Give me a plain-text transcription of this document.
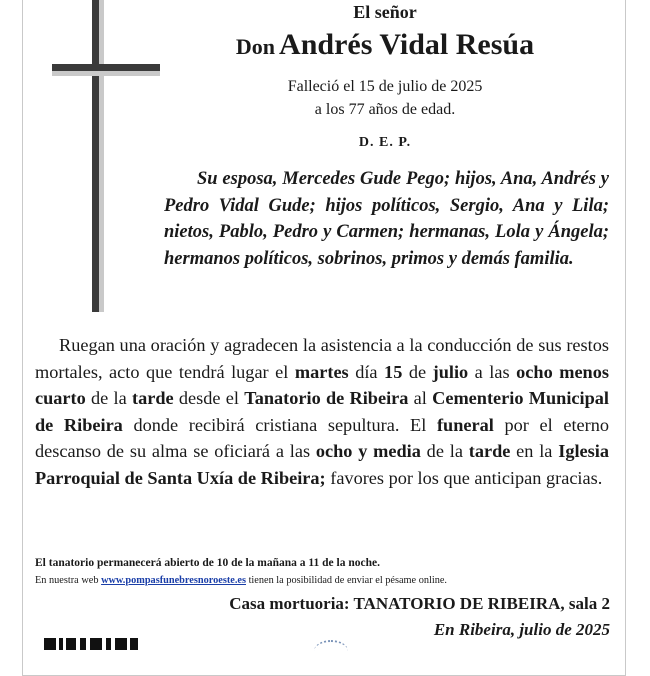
El señor
Don Andrés Vidal Resúa
Falleció el 15 de julio de 2025
a los 77 años de edad.
D. E. P.
Su esposa, Mercedes Gude Pego; hijos, Ana, Andrés y Pedro Vidal Gude; hijos políticos, Sergio, Ana y Lila; nietos, Pablo, Pedro y Carmen; hermanas, Lola y Ángela; hermanos políticos, sobrinos, primos y demás familia.
Ruegan una oración y agradecen la asistencia a la conducción de sus restos mortales, acto que tendrá lugar el martes día 15 de julio a las ocho menos cuarto de la tarde desde el Tanatorio de Ribeira al Cementerio Municipal de Ribeira donde recibirá cristiana sepultura. El funeral por el eterno descanso de su alma se oficiará a las ocho y media de la tarde en la Iglesia Parroquial de Santa Uxía de Ribeira; favores por los que anticipan gracias.
El tanatorio permanecerá abierto de 10 de la mañana a 11 de la noche.
En nuestra web www.pompasfunebresnoroeste.es tienen la posibilidad de enviar el pésame online.
Casa mortuoria: TANATORIO DE RIBEIRA, sala 2
En Ribeira, julio de 2025
